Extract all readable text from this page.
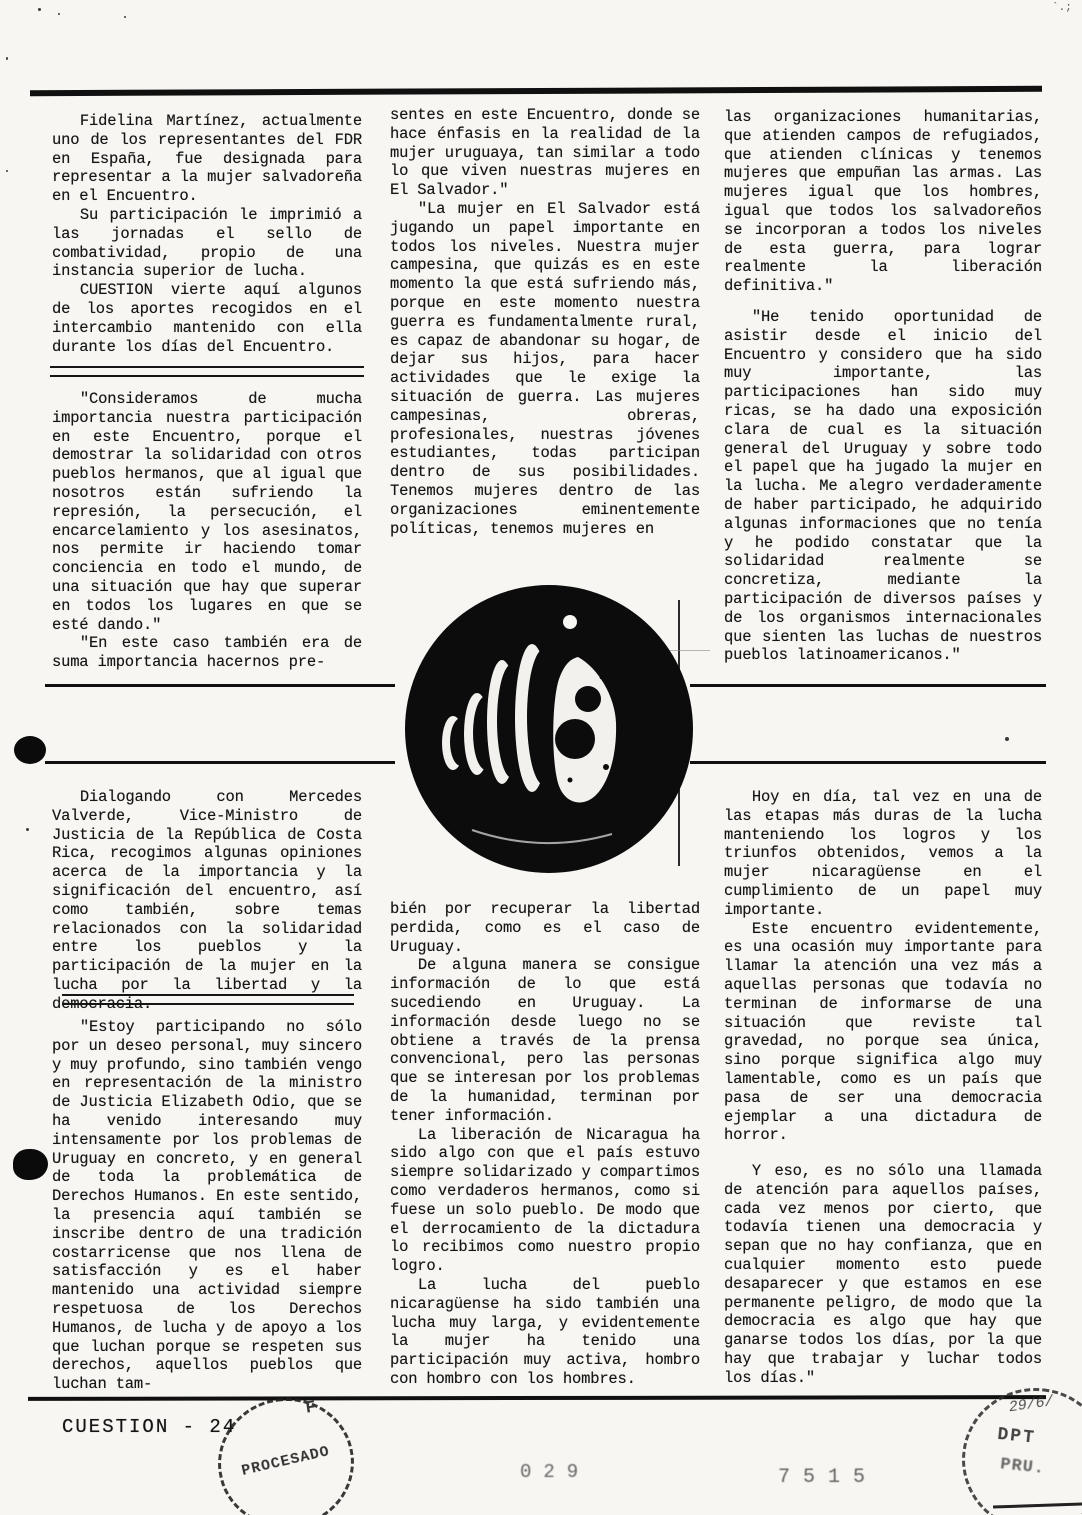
`.;

Fidelina Martínez, actualmente uno de los representantes del FDR en España, fue designada para representar a la mujer salvadoreña en el Encuentro.

Su participación le imprimió a las jornadas el sello de combatividad, propio de una instancia superior de lucha.

CUESTION vierte aquí algunos de los aportes recogidos en el intercambio mantenido con ella durante los días del Encuentro.

"Consideramos de mucha importancia nuestra participación en este Encuentro, porque el demostrar la solidaridad con otros pueblos hermanos, que al igual que nosotros están sufriendo la represión, la persecución, el encarcelamiento y los asesinatos, nos permite ir haciendo tomar conciencia en todo el mundo, de una situación que hay que superar en todos los lugares en que se esté dando."

"En este caso también era de suma importancia hacernos pre-

sentes en este Encuentro, donde se hace énfasis en la realidad de la mujer uruguaya, tan similar a todo lo que viven nuestras mujeres en El Salvador."

"La mujer en El Salvador está jugando un papel importante en todos los niveles. Nuestra mujer campesina, que quizás es en este momento la que está sufriendo más, porque en este momento nuestra guerra es fundamentalmente rural, es capaz de abandonar su hogar, de dejar sus hijos, para hacer actividades que le exige la situación de guerra. Las mujeres campesinas, obreras, profesionales, nuestras jóvenes estudiantes, todas participan dentro de sus posibilidades. Tenemos mujeres dentro de las organizaciones eminentemente políticas, tenemos mujeres en

las organizaciones humanitarias, que atienden campos de refugiados, que atienden clínicas y tenemos mujeres que empuñan las armas. Las mujeres igual que los hombres, igual que todos los salvadoreños se incorporan a todos los niveles de esta guerra, para lograr realmente la liberación definitiva."

"He tenido oportunidad de asistir desde el inicio del Encuentro y considero que ha sido muy importante, las participaciones han sido muy ricas, se ha dado una exposición clara de cual es la situación general del Uruguay y sobre todo el papel que ha jugado la mujer en la lucha. Me alegro verdaderamente de haber participado, he adquirido algunas informaciones que no tenía y he podido constatar que la solidaridad realmente se concretiza, mediante la participación de diversos países y de los organismos internacionales que sienten las luchas de nuestros pueblos latinoamericanos."

Dialogando con Mercedes Valverde, Vice-Ministro de Justicia de la República de Costa Rica, recogimos algunas opiniones acerca de la importancia y la significación del encuentro, así como también, sobre temas relacionados con la solidaridad entre los pueblos y la participación de la mujer en la lucha por la libertad y la democracia.

"Estoy participando no sólo por un deseo personal, muy sincero y muy profundo, sino también vengo en representación de la ministro de Justicia Elizabeth Odio, que se ha venido interesando muy intensamente por los problemas de Uruguay en concreto, y en general de toda la problemática de Derechos Humanos. En este sentido, la presencia aquí también se inscribe dentro de una tradición costarricense que nos llena de satisfacción y es el haber mantenido una actividad siempre respetuosa de los Derechos Humanos, de lucha y de apoyo a los que luchan porque se respeten sus derechos, aquellos pueblos que luchan tam-

bién por recuperar la libertad perdida, como es el caso de Uruguay.

De alguna manera se consigue información de lo que está sucediendo en Uruguay. La información desde luego no se obtiene a través de la prensa convencional, pero las personas que se interesan por los problemas de la humanidad, terminan por tener información.

La liberación de Nicaragua ha sido algo con que el país estuvo siempre solidarizado y compartimos como verdaderos hermanos, como si fuese un solo pueblo. De modo que el derrocamiento de la dictadura lo recibimos como nuestro propio logro.

La lucha del pueblo nicaragüense ha sido también una lucha muy larga, y evidentemente la mujer ha tenido una participación muy activa, hombro con hombro con los hombres.

Hoy en día, tal vez en una de las etapas más duras de la lucha manteniendo los logros y los triunfos obtenidos, vemos a la mujer nicaragüense en el cumplimiento de un papel muy importante.

Este encuentro evidentemente, es una ocasión muy importante para llamar la atención una vez más a aquellas personas que todavía no terminan de informarse de una situación que reviste tal gravedad, no porque sea única, sino porque significa algo muy lamentable, como es un país que pasa de ser una democracia ejemplar a una dictadura de horror.

Y eso, es no sólo una llamada de atención para aquellos países, cada vez menos por cierto, que todavía tienen una democracia y sepan que no hay confianza, que en cualquier momento esto puede desaparecer y que estamos en ese permanente peligro, de modo que la democracia es algo que hay que ganarse todos los días, por la que hay que trabajar y luchar todos los días."

CUESTION - 24
F
PROCESADO
29/6/
DPT
PRU.
029	7515
